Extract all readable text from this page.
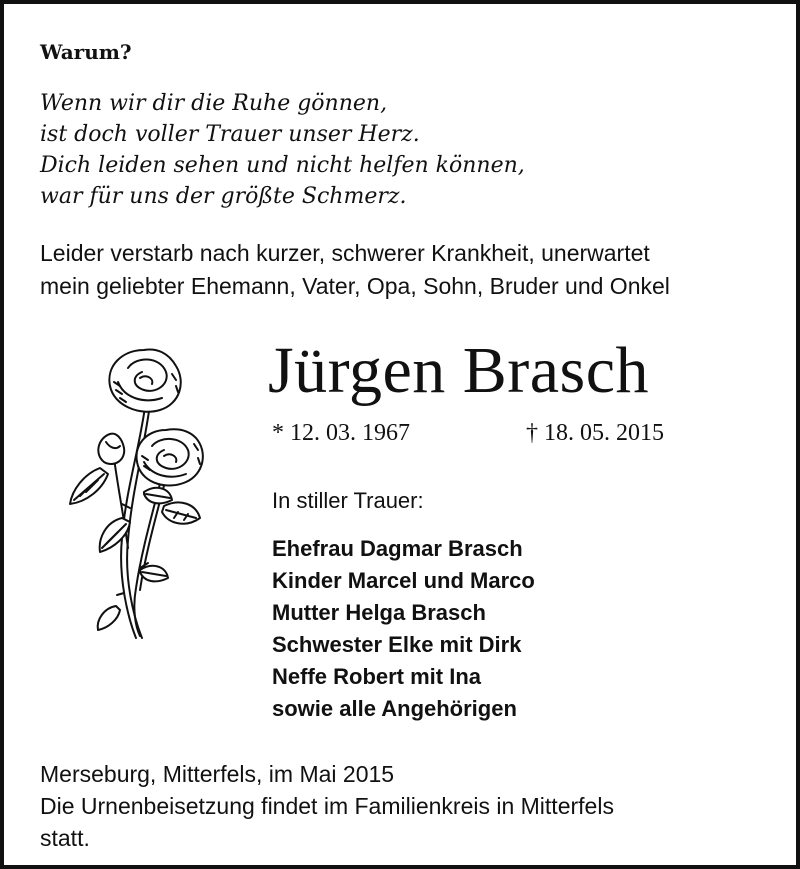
Warum?
Wenn wir dir die Ruhe gönnen,
ist doch voller Trauer unser Herz.
Dich leiden sehen und nicht helfen können,
war für uns der größte Schmerz.
Leider verstarb nach kurzer, schwerer Krankheit, unerwartet
mein geliebter Ehemann, Vater, Opa, Sohn, Bruder und Onkel
Jürgen Brasch
* 12. 03. 1967	† 18. 05. 2015
In stiller Trauer:
Ehefrau Dagmar Brasch
Kinder Marcel und Marco
Mutter Helga Brasch
Schwester Elke mit Dirk
Neffe Robert mit Ina
sowie alle Angehörigen
Merseburg, Mitterfels, im Mai 2015
Die Urnenbeisetzung findet im Familienkreis in Mitterfels
statt.
